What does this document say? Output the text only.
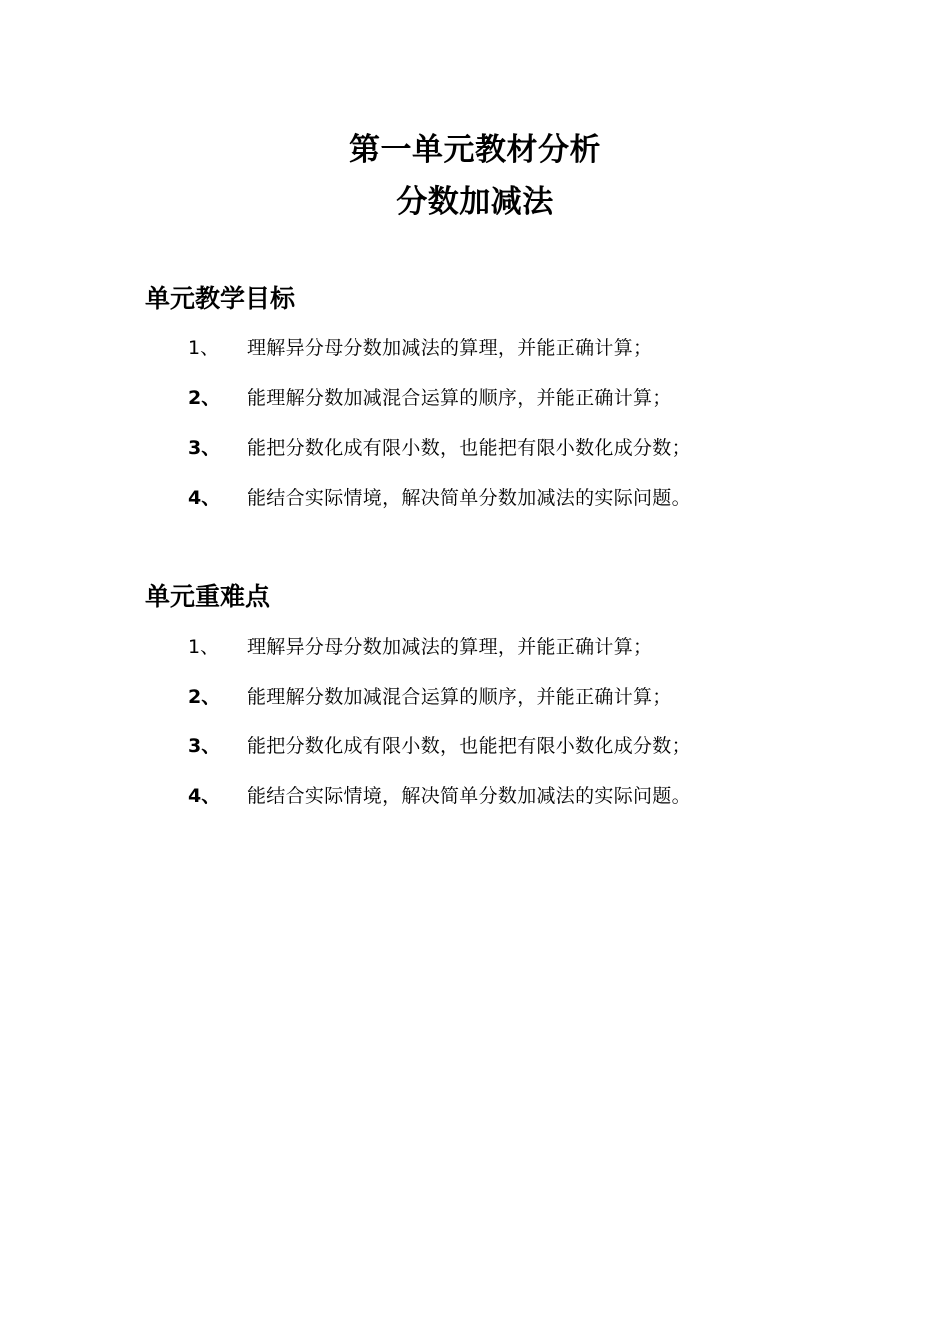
第一单元教材分析
分数加减法
单元教学目标
1、 理解异分母分数加减法的算理，并能正确计算；
2、 能理解分数加减混合运算的顺序，并能正确计算；
3、 能把分数化成有限小数，也能把有限小数化成分数；
4、 能结合实际情境，解决简单分数加减法的实际问题。
单元重难点
1、 理解异分母分数加减法的算理，并能正确计算；
2、 能理解分数加减混合运算的顺序，并能正确计算；
3、 能把分数化成有限小数，也能把有限小数化成分数；
4、 能结合实际情境，解决简单分数加减法的实际问题。
